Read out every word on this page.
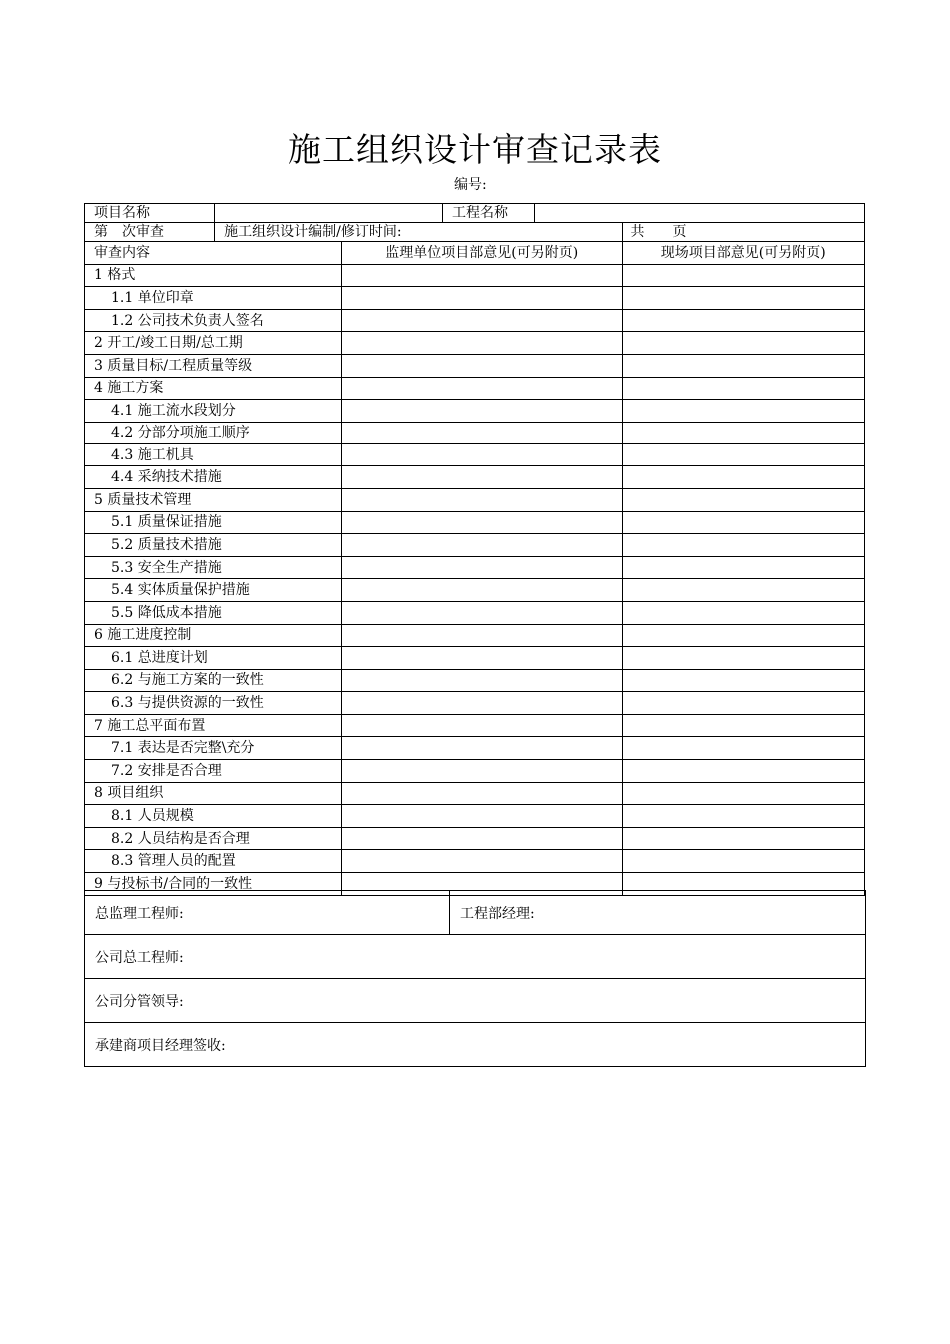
施工组织设计审查记录表
编号:
项目名称			工程名称		
第　次审查	施工组织设计编制/修订时间:				共　　页
审查内容		监理单位项目部意见(可另附页)			现场项目部意见(可另附页)
1 格式					
1.1 单位印章					
1.2 公司技术负责人签名					
2 开工/竣工日期/总工期					
3 质量目标/工程质量等级					
4 施工方案					
4.1 施工流水段划分					
4.2 分部分项施工顺序					
4.3 施工机具					
4.4 采纳技术措施					
5 质量技术管理					
5.1 质量保证措施					
5.2 质量技术措施					
5.3 安全生产措施					
5.4 实体质量保护措施					
5.5 降低成本措施					
6 施工进度控制					
6.1 总进度计划					
6.2 与施工方案的一致性					
6.3 与提供资源的一致性					
7 施工总平面布置					
7.1 表达是否完整\充分					
7.2 安排是否合理					
8 项目组织					
8.1 人员规模					
8.2 人员结构是否合理					
8.3 管理人员的配置					
9 与投标书/合同的一致性					
总监理工程师:	工程部经理:
公司总工程师:
公司分管领导:
承建商项目经理签收:
